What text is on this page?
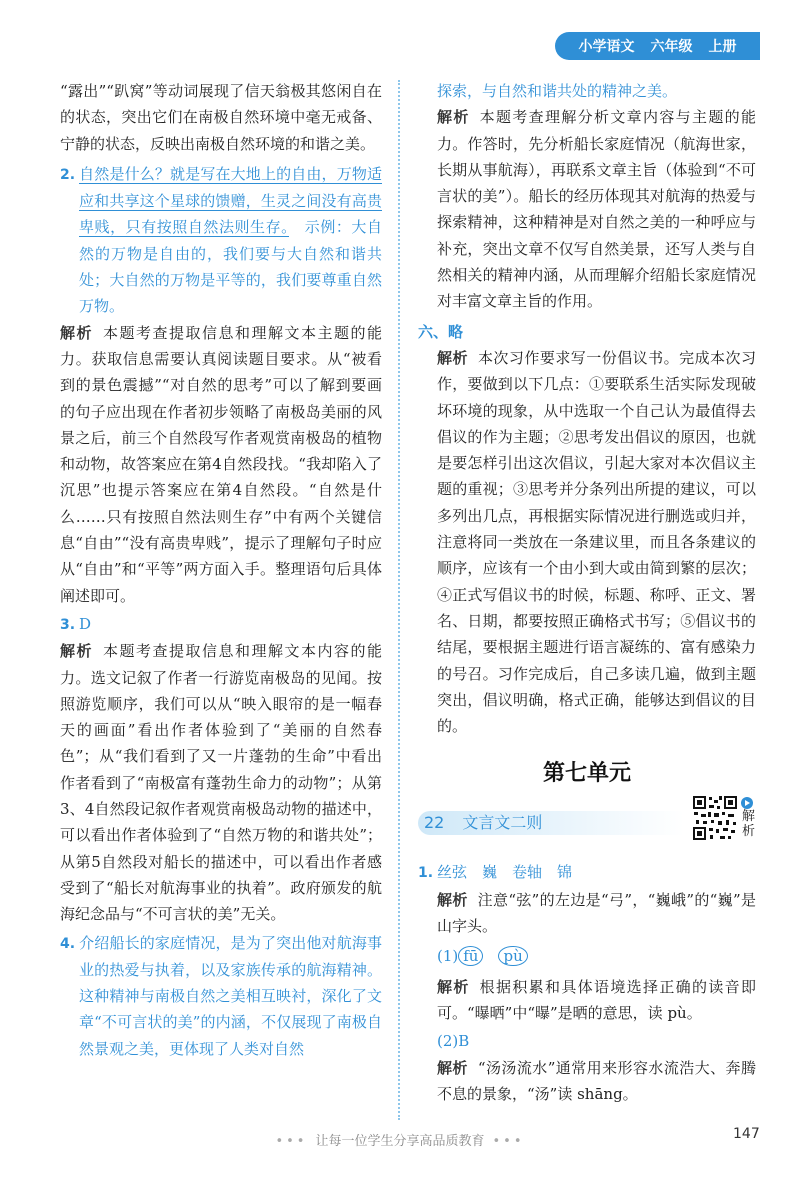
小学语文 六年级 上册

“露出”“趴窝”等动词展现了信天翁极其悠闲自在的状态，突出它们在南极自然环境中毫无戒备、宁静的状态，反映出南极自然环境的和谐之美。

2. 自然是什么？就是写在大地上的自由，万物适应和共享这个星球的馈赠，生灵之间没有高贵卑贱，只有按照自然法则生存。　 示例：大自然的万物是自由的，我们要与大自然和谐共处；大自然的万物是平等的，我们要尊重自然万物。

解析 本题考查提取信息和理解文本主题的能力。获取信息需要认真阅读题目要求。从“被看到的景色震撼”“对自然的思考”可以了解到要画的句子应出现在作者初步领略了南极岛美丽的风景之后，前三个自然段写作者观赏南极岛的植物和动物，故答案应在第4自然段找。“我却陷入了沉思”也提示答案应在第4自然段。“自然是什么……只有按照自然法则生存”中有两个关键信息“自由”“没有高贵卑贱”，提示了理解句子时应从“自由”和“平等”两方面入手。整理语句后具体阐述即可。

3. D

解析 本题考查提取信息和理解文本内容的能力。选文记叙了作者一行游览南极岛的见闻。按照游览顺序，我们可以从“映入眼帘的是一幅春天的画面”看出作者体验到了“美丽的自然春色”；从“我们看到了又一片蓬勃的生命”中看出作者看到了“南极富有蓬勃生命力的动物”；从第3、4自然段记叙作者观赏南极岛动物的描述中，可以看出作者体验到了“自然万物的和谐共处”；从第5自然段对船长的描述中，可以看出作者感受到了“船长对航海事业的执着”。政府颁发的航海纪念品与“不可言状的美”无关。

4. 介绍船长的家庭情况，是为了突出他对航海事业的热爱与执着，以及家族传承的航海精神。这种精神与南极自然之美相互映衬，深化了文章“不可言状的美”的内涵，不仅展现了南极自然景观之美，更体现了人类对自然

探索，与自然和谐共处的精神之美。

解析 本题考查理解分析文章内容与主题的能力。作答时，先分析船长家庭情况（航海世家，长期从事航海），再联系文章主旨（体验到“不可言状的美”）。船长的经历体现其对航海的热爱与探索精神，这种精神是对自然之美的一种呼应与补充，突出文章不仅写自然美景，还写人类与自然相关的精神内涵，从而理解介绍船长家庭情况对丰富文章主旨的作用。

六、略

解析 本次习作要求写一份倡议书。完成本次习作，要做到以下几点：①要联系生活实际发现破坏环境的现象，从中选取一个自己认为最值得去倡议的作为主题；②思考发出倡议的原因，也就是要怎样引出这次倡议，引起大家对本次倡议主题的重视；③思考并分条列出所提的建议，可以多列出几点，再根据实际情况进行删选或归并，注意将同一类放在一条建议里，而且各条建议的顺序，应该有一个由小到大或由简到繁的层次；④正式写倡议书的时候，标题、称呼、正文、署名、日期，都要按照正确格式书写；⑤倡议书的结尾，要根据主题进行语言凝练的、富有感染力的号召。习作完成后，自己多读几遍，做到主题突出，倡议明确，格式正确，能够达到倡议的目的。

第七单元

22 文言文二则	解析

1. 丝弦　巍　卷轴　锦

解析 注意“弦”的左边是“弓”，“巍峨”的“巍”是山字头。

(1) fū　 pù

解析 根据积累和具体语境选择正确的读音即可。“曝晒”中“曝”是晒的意思，读 pù。

(2)B

解析 “汤汤流水”通常用来形容水流浩大、奔腾不息的景象，“汤”读 shāng。

••• 让每一位学生分享高品质教育 •••	147
